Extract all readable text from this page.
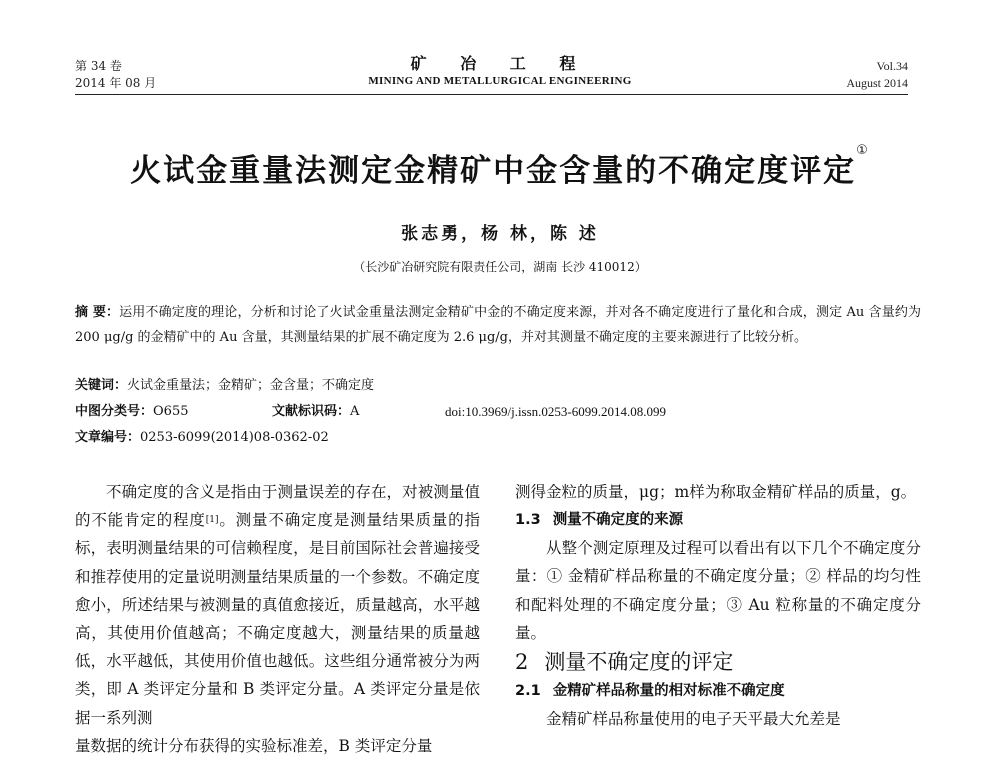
第 34 卷
2014 年 08 月
矿 冶 工 程
MINING AND METALLURGICAL ENGINEERING
Vol.34
August 2014
火试金重量法测定金精矿中金含量的不确定度评定①
张志勇，杨 林，陈 述
（长沙矿冶研究院有限责任公司，湖南 长沙 410012）
摘 要：运用不确定度的理论，分析和讨论了火试金重量法测定金精矿中金的不确定度来源，并对各不确定度进行了量化和合成，测定 Au 含量约为 200 μg/g 的金精矿中的 Au 含量，其测量结果的扩展不确定度为 2.6 μg/g，并对其测量不确定度的主要来源进行了比较分析。
关键词：火试金重量法；金精矿；金含量；不确定度
中图分类号：O655	文献标识码：A	doi:10.3969/j.issn.0253-6099.2014.08.099
文章编号：0253-6099(2014)08-0362-02

不确定度的含义是指由于测量误差的存在，对被测量值的不能肯定的程度[1]。测量不确定度是测量结果质量的指标，表明测量结果的可信赖程度，是目前国际社会普遍接受和推荐使用的定量说明测量结果质量的一个参数。不确定度愈小，所述结果与被测量的真值愈接近，质量越高，水平越高，其使用价值越高；不确定度越大，测量结果的质量越低，水平越低，其使用价值也越低。这些组分通常被分为两类，即 A 类评定分量和 B 类评定分量。A 类评定分量是依据一系列测

量数据的统计分布获得的实验标准差，B 类评定分量

测得金粒的质量，μg；m样为称取金精矿样品的质量，g。

1.3 测量不确定度的来源

从整个测定原理及过程可以看出有以下几个不确定度分量：① 金精矿样品称量的不确定度分量；② 样品的均匀性和配料处理的不确定度分量；③ Au 粒称量的不确定度分量。

2 测量不确定度的评定

2.1 金精矿样品称量的相对标准不确定度

金精矿样品称量使用的电子天平最大允差是
